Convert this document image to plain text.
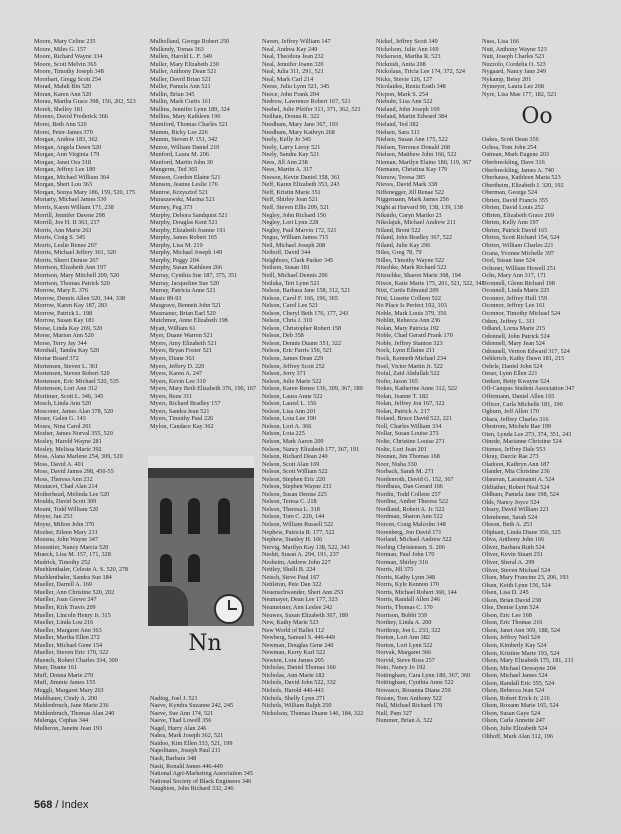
Moore, Mary Celine 235
Moore, Miles G. 157
Moore, Richard Wayne 334
Moore, Scott Melvin 365
Moore, Timothy Joseph 348
Moorhart, Gregg Scott 254
Morad, Mahdi Bin 520
Moran, Karen Ann 520
Morau, Martha Grace 398, 156, 202, 523
Moreh, Shelley 181
Moreno, David Frederick 366
Moret, Beth Ann 520
Moret, Peter-James 370
Morgan, Andrea 183, 362
Morgan, Angela Dawn 520
Morgan, Ann Virginia 179
Morgan, Janet Ora 318
Morgan, Jeffrey Lee 180
Morgan, Michael William 364
Morgan, Sheri Lou 363
Morgan, Sonya Mary 186, 159, 520, 175
Moriarty, Michael James 530
Morris, Karen William 171, 238
Morrill, Jennifer Dawne 298
Morrill, Joe H. II 363, 217
Morris, Ann Marie 263
Morris, Craig S. 345
Morris, Leslie Renee 267
Morris, Michael Jeffery 361, 320
Morris, Sherri Denise 267
Morrison, Elizabeth Ann 197
Morrison, Mary Mitchell 209, 520
Morrison, Thomas Patrick 520
Morrow, Mary E. 376
Morrow, Dennis Allen 520, 344, 338
Morrow, Karen Kay 187, 283
Morrow, Patrick L. 198
Morrow, Susan Kay 181
Morse, Linda Kay 269, 520
Morse, Marion Ann 520
Morse, Terry Jay 344
Morshall, Tandra Kay 520
Mortar Board 372
Mortensen, Steven L. 361
Mortensen, Steven Robert 520
Mortensen, Eric Michael 520, 535
Mortenson, Lori Ann 312
Mortimer, Scott L. 346, 345
Mosch, Linda Ann 520
Mosconer, James Alan 378, 520
Moser, Galen G. 143
Moses, Nina Carol 201
Mosher, James Norval 355, 520
Mosley, Harold Wayne 281
Mosley, Melissa Marie 392
Moss, Alana Marlene 254, 309, 520
Moss, David A. 401
Moss, David James 298, 450-55
Moss, Theresa Ann 232
Moutacet, Chad Alan 214
Motherhead, Melinda Lee 520
Moulds, David Scott 309
Mount, Todd William 520
Moyer, Jan 253
Moyer, Milton John 370
Mozher, Eileen Mary 231
Mozena, John Wayne 347
Mozentier, Nancy Marcia 520
Mraeck, Lisa M. 157, 171, 328
Mudrick, Timothy 252
Muehlenthaler, Celeste A. S. 520, 278
Muehlenthaler, Sandra Sue 184
Mueller, Darrell A. 169
Mueller, Ann Christine 520, 202
Mueller, Joan Grewe 247
Mueller, Kirk Travis 209
Mueller, Lincoln Henry Jr. 315
Mueller, Linda Lou 216
Mueller, Margaret Ann 363
Mueller, Martha Ellen 272
Mueller, Michael Gene 154
Mueller, Steven Eric 170, 322
Muench, Robert Charles 334, 309
Muer, Duane 161
Muff, Donna Marie 270
Muff, Jimmie James 155
Muggli, Margaret Mary 263
Muhlbauer, Cindy A. 200
Muhlenbruch, Jane Marie 236
Muhlenbruch, Thomas Alan 240
Mulenga, Cephas 344
Mulheron, Janette Jean 193
Mulholland, George Robert 250
Mullendy, Tomas 363
Mullen, Harold L. F. 349
Muller, Mary Elizabeth 230
Muller, Anthony Dean 521
Muller, David Brian 521
Muller, Pamela Ann 521
Mullin, Brian 345
Mullin, Mark Curtis 161
Mullins, Jennifer Lynn 189, 324
Mullins, Mary Kathleen 196
Mumford, Thomas Charles 521
Mumm, Ricky Lee 226
Mumm, Steven P. 151, 342
Munoz, William Daniel 210
Munford, Laura M. 206
Munford, Martin John 30
Mungerm, Ted 365
Munson, Gordon Elaine 521
Munson, Jeanne Leslie 176
Munroe, Krzysztof 521
Muraszewski, Marina 521
Murney, Peg 373
Murphy, Debora Sandquist 521
Murphy, Douglas Kent 521
Murphy, Elizabeth Joanne 191
Murphy, James Robert 165
Murphy, Lisa M. 219
Murphy, Michael Joseph 149
Murphy, Peggy 204
Murphy, Susan Kathleen 266
Murray, Cynthia Sue 187, 375, 351
Murray, Jacqueline Sue 520
Murray, Patricia Anne 521
Music 89-93
Musgrave, Bennett John 521
Musmaner, Brian Earl 520
Mutchmor, Anne Elizabeth 198
Myatt, William 61
Myer, Duane Warren 521
Myers, Amy Elizabeth 521
Myers, Bryan Foster 521
Myers, Diane 363
Myers, Jeffery D. 220
Myers, Karen A. 247
Myers, Kevin Lee 310
Myers, Mary Beth Elizabeth 376, 190, 167
Myers, Rene 311
Myers, Richard Bradley 157
Myers, Sandra Jean 521
Myers, Timothy Paul 226
Mylon, Candace Kay 362
Nading, Joel J. 521
Naeve, Kyndra Suzanne 242, 245
Naeve, Sue Ann 174, 521
Naeve, Thad Lowell 356
Nagel, Harry Alan 246
Nahra, Mark Joseph 362, 521
Naidoo, Kim Ellen 333, 521, 199
Napolitano, Joseph Paul 211
Nash, Barbara 348
Nasti, Ronald James 446-449
National Agri-Marketing Association 345
National Society of Black Engineers 346
Naughton, John Richard 332, 246
Naven, Jeffrey William 147
Neal, Andrea Kay 249
Neal, Theodora Jean 232
Neal, Jennifer Joann 320
Neal, Julia 311, 291, 521
Neal, Mark Carl 214
Neese, Julia Lynn 521, 345
Neece, John Frank 204
Nedrow, Lawrence Robert 167, 521
Neebel, Julie Pfeifer 313, 371, 362, 521
Neilhan, Donna R. 322
Needham, Mary Jane 367, 193
Needham, Mary Kathryn 268
Neely, Kelly Jo 345
Neely, Larry Leroy 521
Neely, Sandra Kay 521
Nees, Jill Ann 238
Nees, Martin A. 317
Neeson, Kevin Daniel 358, 361
Neff, Karen Elizabeth 353, 243
Neff, Kristin Marie 351
Neff, Shirley Joan 521
Neff, Steven Ellis 209, 521
Negley, John Richard 156
Negley, Lori Lynn 228
Negley, Paul Marvin 172, 521
Negus, William James 715
Neil, Michael Joseph 208
Neiboff, David 344
Neighbors, Clark Parker 345
Neilson, Susan 181
Neill, Michael Dennis 206
Neiluka, Teri Lynn 521
Nelson, Barbara Jane 158, 312, 521
Nelson, Carol F. 166, 196, 365
Nelson, Carol Lee 521
Nelson, Cheryl Beth 176, 177, 243
Nelson, Chris J. 310
Nelson, Christopher Robert 158
Nelson, Deb 358
Nelson, Dennis Duane 351, 322
Nelson, Eric Farris 156, 521
Nelson, James Dean 229
Nelson, Jeffrey Scott 252
Nelson, Jerry 371
Nelson, Julie Marie 522
Nelson, Karen Renee 136, 309, 367, 189
Nelson, Laura Anne 522
Nelson, Laurel L. 156
Nelson, Lisa Ann 201
Nelson, Lora Lee 190
Nelson, Lori A. 366
Nelson, Lota 225
Nelson, Mark Aaron 209
Nelson, Nancy Elizabeth 177, 367, 191
Nelson, Richard Dean 240
Nelson, Scott Alan 169
Nelson, Scott William 522
Nelson, Stephen Eric 220
Nelson, Stephen Wayne 211
Nelson, Susan Denise 225
Nelson, Teresa C. 218
Nelson, Theresa L. 318
Nelson, Tom C. 220, 144
Nelson, William Russell 522
Nephew, Patricia R. 177, 522
Nephew, Stanley H. 166
Nervig, Marilyn Kay 138, 522, 343
Nesbit, Susan A. 294, 191, 237
Nesheim, Andrew John 227
Nettley, Shelli B. 224
Netsch, Steve Paul 167
Nettleton, Pete Dan 322
Neuenschwander, Sheri Ann 253
Neumayer, Dean Lee 177, 323
Neumeister, Ann Leslee 242
Neuwes, Susan Elizabeth 367, 189
New, Kathy Marie 523
New World of Ballet 112
Newberg, Samuel S. 446-449
Newman, Douglas Gene 240
Newman, Kerry Karl 522
Newton, Lora James 205
Nicholas, Daniel Thomas 160
Nicholas, Ann Marie 182
Nichols, David John 522, 332
Nichols, Harold 440-443
Nichols, Shelly Lynn 271
Nichols, William Ralph 250
Nickelson, Thomas Duane 146, 184, 322
Nickel, Jeffrey Scott 149
Nickelson, Julie Ann 169
Nickerson, Martha R. 523
Nicknish, Anita 208
Nickolaus, Tricia Lee 174, 372, 524
Nicks, Stevie 126, 127
Nicolaides, Renia Erath 348
Nicpon, Mark S. 254
Niebuhr, Lisa Ann 522
Nieland, John Joseph 169
Nieland, Martin Edward 384
Nieland, Ted 382
Nielsen, Sara 311
Nielsen, Susan Ann 175, 522
Nielsen, Terrence Donald 268
Nielsen, Matthew John 166, 522
Nieman, Marilyn Elaine 180, 119, 367
Niemann, Christina Kay 179
Nienow, Teresa 385
Nieves, David Mark 338
Niffenegger, Jill Renae 522
Niggemann, Mark James 256
Night at Harvard 90, 138, 139, 138
Nikaido, Caryn Mariko 23
Nikolajuk, Michael Andrew 211
Niland, Brent 522
Niland, John Bradley 367, 522
Niland, Julie Kay 296
Niles, Greg 78, 79
Nilles, Timothy Wayne 522
Nitschke, Mark Richard 522
Nitzschke, Sharon Marie 368, 194
Nixon, Katie Marie 175, 201, 521, 522, 343
Nixt, Curtis Edmund 209
Nixt, Lissette Colleen 522
No Place Is Perfect 102, 103
Noble, Mark Louis 379, 356
Noblitt, Rebecca Ann 236
Nolan, Mary Patricia 192
Noble, Chad Gerard Frank 170
Noble, Jeffrey Stanton 323
Nock, Lynn Ellaine 211
Nock, Kenneth Michael 234
Noel, Victor Martin Jr. 522
Nofal, Zaid Abdullah 522
Nofer, Jason 165
Nokes, Katherine Anne 312, 522
Nolan, Jeanne T. 182
Nolan, Jeffrey Jon 167, 322
Nolan, Patrick A. 217
Noland, Bruce David 522, 221
Noll, Charles William 334
Nollar, Susan Louise 273
Nolte, Christine Louise 271
Nolte, Lori Jean 201
Noonan, Jim Thomas 168
Noor, Nisha 330
Norback, Sarah M. 271
Nordenroth, David G. 152, 367
Nordhaus, Dan Gerard 166
Nordin, Todd Collene 257
Nordine, Amber Therese 522
Nordland, Robert A. Jr. 522
Nordman, Sharon Ann 522
Norcen, Craig Malcolm 148
Norenberg, Jon David 171
Norland, Michael Andrew 522
Norling Christensen, S. 206
Norman, Paul John 170
Norman, Shirley 316
Norris, Jill 375
Norris, Kathy Lynn 348
Norris, Kyle Kennon 170
Norris, Michael Robert 360, 144
Norris, Randall Allen 246
Norris, Thomas C. 170
Norrison, Bobbi 339
Northey, Linda A. 200
Northrup, Jon L. 233, 322
Norton, Lori Ann 382
Norton, Lori Lynn 522
Norvak, Margaret 366
Norvid, Steve Ross 257
Noto, Nancy Jo 192
Nottingham, Cara Lynn 180, 367, 360
Nottingham, Cynthia Anne 522
Nowasco, Rosanna Diana 259
Nozam, Tom Anthony 522
Null, Michael Richard 170
Null, Pam 327
Nummer, Brian A. 522
Nuss, Lisa 166
Nutt, Anthony Wayne 523
Nutt, Joseph Charles 523
Nuzzolo, Cordelia O. 523
Nygaard, Nancy Jane 249
Nykamp, Betsy 201
Nymeyer, Laura Lee 268
Nyre, Lisa Mae 177, 182, 523
Oo
Oakes, Scott Dean 356
Ochoa, Tom John 254
Oatman, Mark Eugene 203
Oberbreckling, Dave 316
Oberbreckling, James A. 740
Oberhauss, Kathleen Maria 523
Obertheim, Elizabeth J. 320, 192
Oberman, George 524
Obrien, David Francis 355
Obrien, David Louis 252
OBrien, Elizabeth Grace 269
Obrien, Kelly Ann 197
Obrien, Patrick David 165
Obrien, Scott Richard 154, 524
Obrien, William Charles 221
Ocana, Yvonne Michelle 397
Ocel, Susan Jane 524
Ochsner, William Howell 251
Ochs, Mary Ann 317, 171
Oconnell, Glenn Richard 198
Oconnell, Linda Marie 225
Oconnor, Jeffrey Hull 159
Oconnor, Jeffrey Lee 161
Oconnor, Timothy Michael 524
Odem, Jeffrey L. 311
Odland, Lorna Marie 215
Odonnell, John Patrick 524
Odonnell, Mary Jean 524
Odonnell, Vernon Edward 317, 524
Oehlerich, Kathy Dawn 181, 215
Oehrle, Daniel John 524
Oeser, Lynn Ellen 221
Oetken, Betty Kwayne 524
Off-Campus Student Association 347
Offermann, Daniel Allen 165
Officer, Carla Michelle 181, 190
Ogburn, Jeff Allen 170
Ohara, Jeffrey Charles 316
Ohrstrom, Michele Rae 199
Oien, Lynda Lee 273, 374, 351, 243
Oinede, Marianne Christine 524
Oiomes, Jeffrey Dale 553
Okray, Darcie Rae 273
Oladoon, Kathryn Ann 187
Olander, Mia Christine 236
Olaneran, Laraimanni A. 524
Oldfather, Robert Neal 524
Oldham, Pamela Jane 198, 524
Olds, Nancy Joyce 524
Oleary, David William 221
Olembeme, Sarah 524
Oleson, Beth A. 253
Oliphant, Linda Diane 356, 325
Oliva, Anthony John 166
Oliver, Barbara Ruth 524
Oliver, Kevin Stuart 251
Oliver, Sheral A. 299
Oliver, Steven Michael 524
Olsen, Mary Francine 23, 206, 193
Olsen, Keith Lynn 156, 524
Olsen, Lisa D. 245
Olson, Brian David 238
Olse, Denise Lynn 524
Olson, Eric Lee 168
Olson, Eric Thomas 216
Olson, Janet Ann 369, 188, 524
Olson, Jeffrey Neil 524
Olson, Kimberly Kay 524
Olson, Kristine Marie 193, 524
Olson, Mary Elizabeth 175, 181, 211
Olson, Michael Dewayne 204
Olson, Michael James 524
Olson, Randall Eric 355, 524
Olson, Rebecca Jean 524
Olson, Robert Erick Jr. 216
Olson, Roxann Marie 165, 524
Olson, Susan Gaye 524
Olson, Carla Annette 247
Olson, Julie Elizabeth 524
Olthoff, Mark Alan 312, 196
Nn
568 / Index
